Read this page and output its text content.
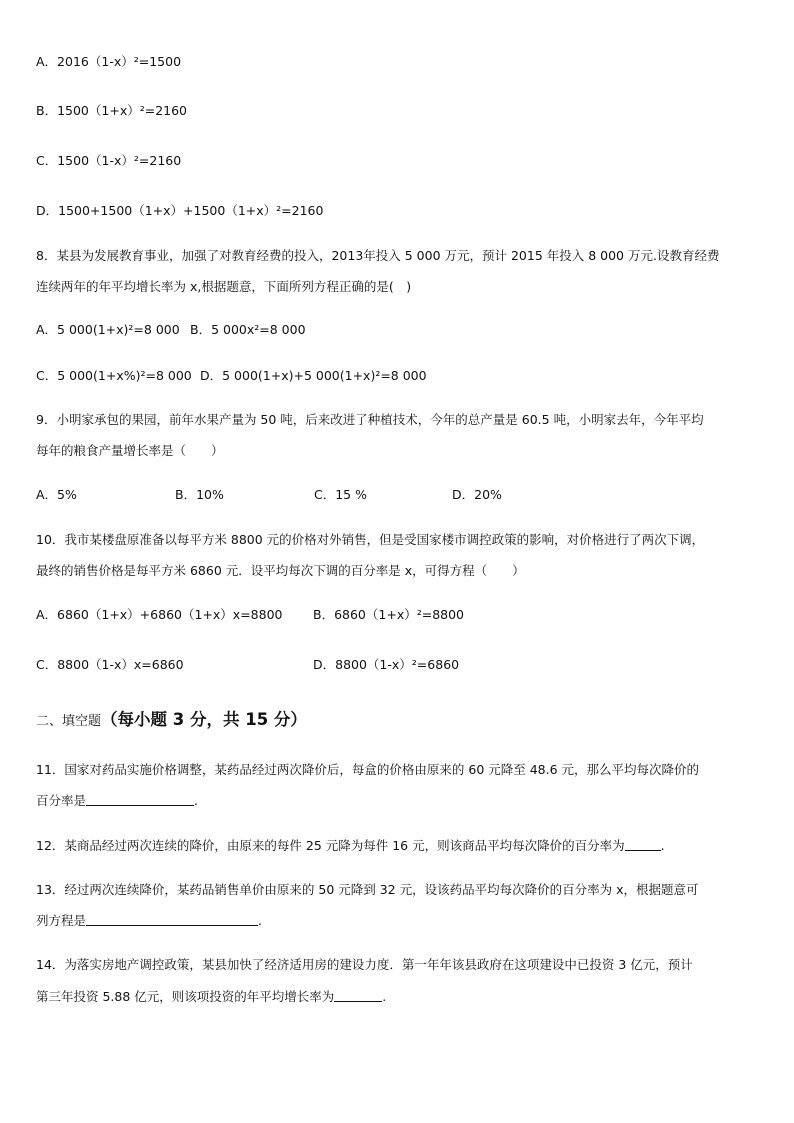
A．2016（1-x）²=1500
B．1500（1+x）²=2160
C．1500（1-x）²=2160
D．1500+1500（1+x）+1500（1+x）²=2160
8．某县为发展教育事业，加强了对教育经费的投入，2013年投入 5 000 万元，预计 2015 年投入 8 000 万元.设教育经费
连续两年的年平均增长率为 x,根据题意，下面所列方程正确的是(　)
A．5 000(1+x)²=8 000 B．5 000x²=8 000
C．5 000(1+x%)²=8 000 D．5 000(1+x)+5 000(1+x)²=8 000
9．小明家承包的果园，前年水果产量为 50 吨，后来改进了种植技术，今年的总产量是 60.5 吨，小明家去年，今年平均
每年的粮食产量增长率是（　　）
A．5%	B．10%	C．15 %	D．20%
10．我市某楼盘原准备以每平方米 8800 元的价格对外销售，但是受国家楼市调控政策的影响，对价格进行了两次下调，
最终的销售价格是每平方米 6860 元．设平均每次下调的百分率是 x，可得方程（　　）
A．6860（1+x）+6860（1+x）x=8800 B．6860（1+x）²=8800
C．8800（1-x）x=6860	D．8800（1-x）²=6860
二、填空题（每小题 3 分，共 15 分）
11．国家对药品实施价格调整，某药品经过两次降价后，每盒的价格由原来的 60 元降至 48.6 元，那么平均每次降价的
百分率是	.
12．某商品经过两次连续的降价，由原来的每件 25 元降为每件 16 元，则该商品平均每次降价的百分率为	.
13．经过两次连续降价，某药品销售单价由原来的 50 元降到 32 元，设该药品平均每次降价的百分率为 x，根据题意可
列方程是	.
14．为落实房地产调控政策，某县加快了经济适用房的建设力度．第一年年该县政府在这项建设中已投资 3 亿元，预计
第三年投资 5.88 亿元，则该项投资的年平均增长率为	.
